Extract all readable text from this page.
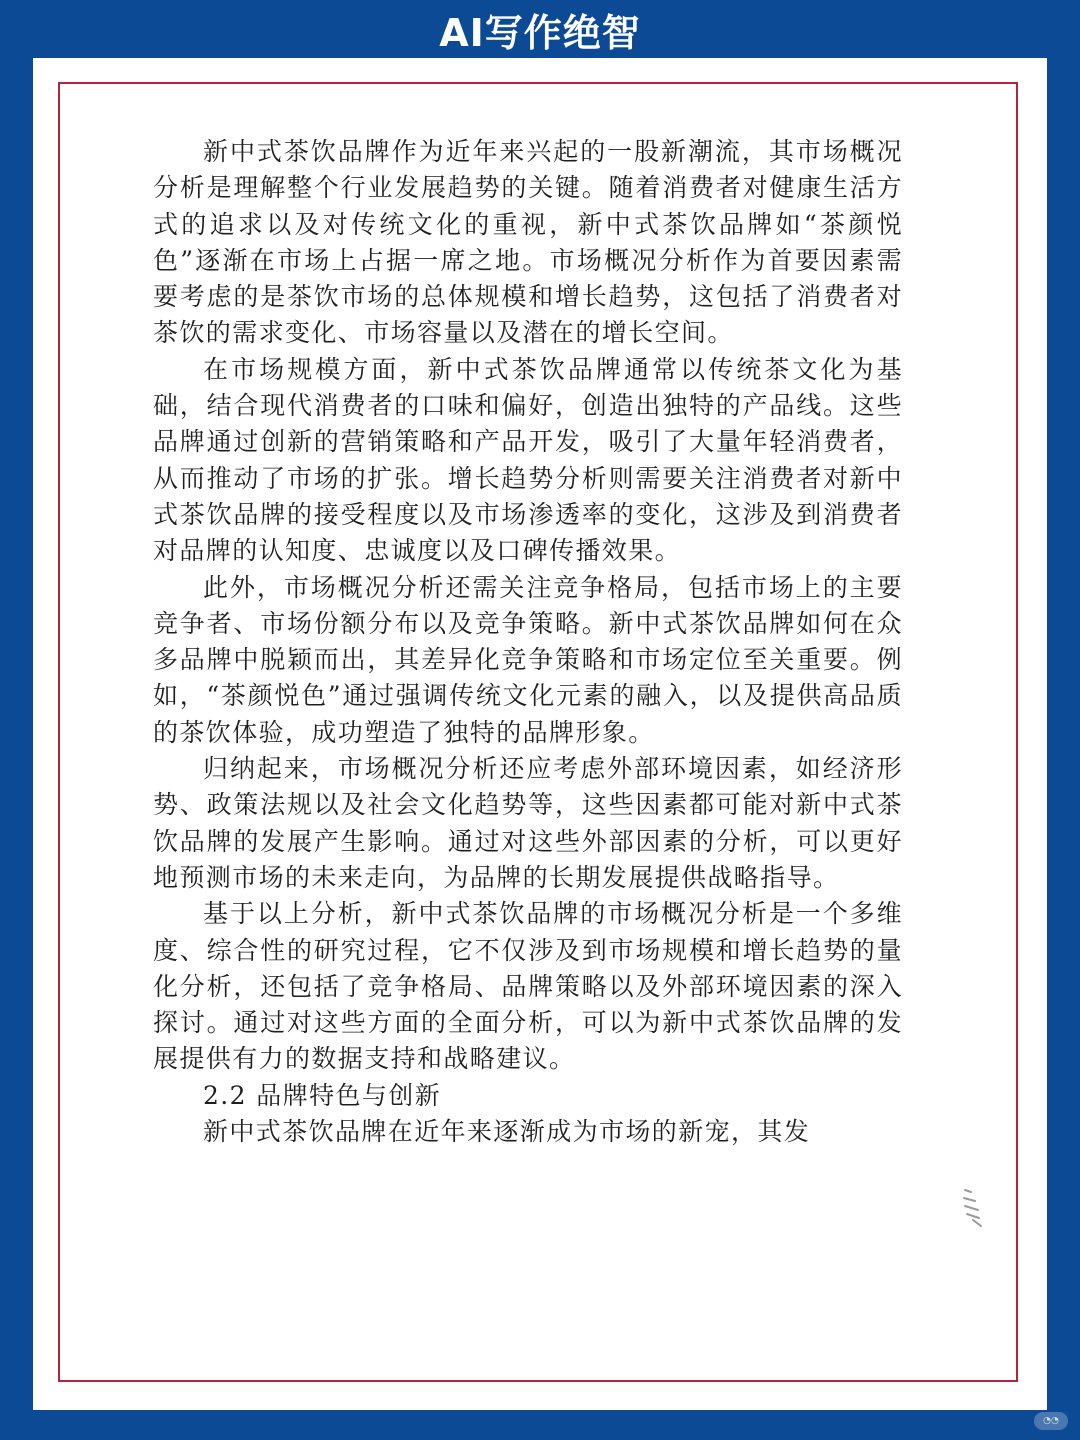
AI写作绝智

新中式茶饮品牌作为近年来兴起的一股新潮流，其市场概况分析是理解整个行业发展趋势的关键。随着消费者对健康生活方式的追求以及对传统文化的重视，新中式茶饮品牌如“茶颜悦色”逐渐在市场上占据一席之地。市场概况分析作为首要因素需要考虑的是茶饮市场的总体规模和增长趋势，这包括了消费者对茶饮的需求变化、市场容量以及潜在的增长空间。

在市场规模方面，新中式茶饮品牌通常以传统茶文化为基础，结合现代消费者的口味和偏好，创造出独特的产品线。这些品牌通过创新的营销策略和产品开发，吸引了大量年轻消费者，从而推动了市场的扩张。增长趋势分析则需要关注消费者对新中式茶饮品牌的接受程度以及市场渗透率的变化，这涉及到消费者对品牌的认知度、忠诚度以及口碑传播效果。

此外，市场概况分析还需关注竞争格局，包括市场上的主要竞争者、市场份额分布以及竞争策略。新中式茶饮品牌如何在众多品牌中脱颖而出，其差异化竞争策略和市场定位至关重要。例如，“茶颜悦色”通过强调传统文化元素的融入，以及提供高品质的茶饮体验，成功塑造了独特的品牌形象。

归纳起来，市场概况分析还应考虑外部环境因素，如经济形势、政策法规以及社会文化趋势等，这些因素都可能对新中式茶饮品牌的发展产生影响。通过对这些外部因素的分析，可以更好地预测市场的未来走向，为品牌的长期发展提供战略指导。

基于以上分析，新中式茶饮品牌的市场概况分析是一个多维度、综合性的研究过程，它不仅涉及到市场规模和增长趋势的量化分析，还包括了竞争格局、品牌策略以及外部环境因素的深入探讨。通过对这些方面的全面分析，可以为新中式茶饮品牌的发展提供有力的数据支持和战略建议。

2.2 品牌特色与创新

新中式茶饮品牌在近年来逐渐成为市场的新宠，其发

◔◔
